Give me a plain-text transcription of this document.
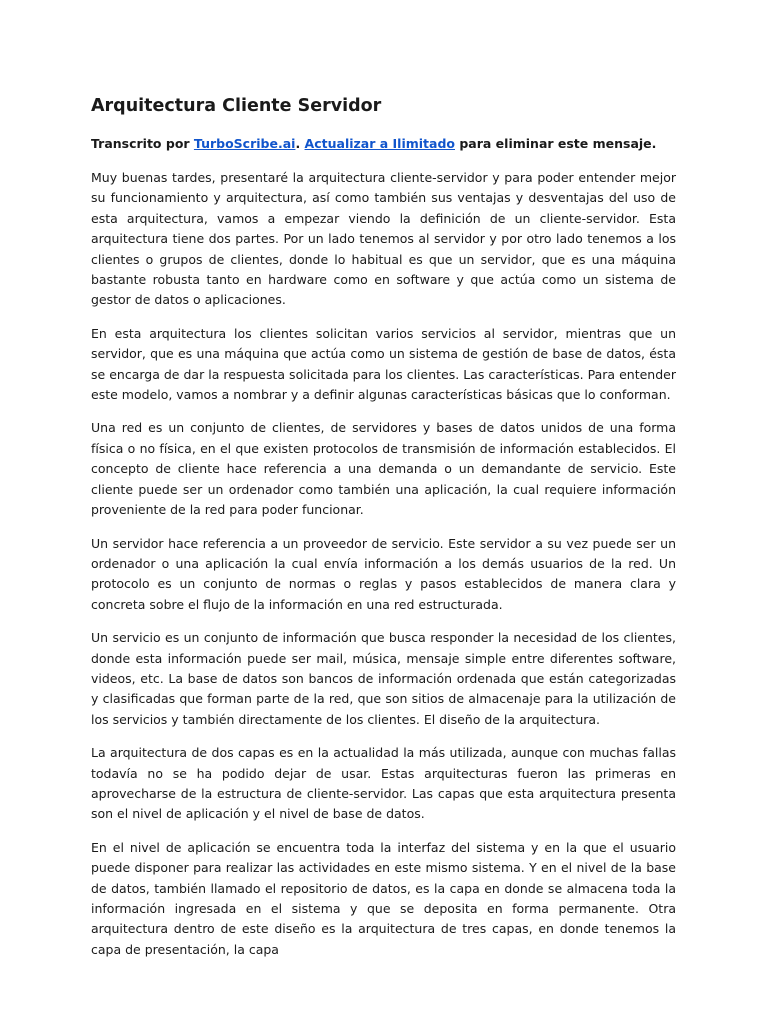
Arquitectura Cliente Servidor

Transcrito por TurboScribe.ai. Actualizar a Ilimitado para eliminar este mensaje.

Muy buenas tardes, presentaré la arquitectura cliente-servidor y para poder entender mejor su funcionamiento y arquitectura, así como también sus ventajas y desventajas del uso de esta arquitectura, vamos a empezar viendo la definición de un cliente-servidor. Esta arquitectura tiene dos partes. Por un lado tenemos al servidor y por otro lado tenemos a los clientes o grupos de clientes, donde lo habitual es que un servidor, que es una máquina bastante robusta tanto en hardware como en software y que actúa como un sistema de gestor de datos o aplicaciones.

En esta arquitectura los clientes solicitan varios servicios al servidor, mientras que un servidor, que es una máquina que actúa como un sistema de gestión de base de datos, ésta se encarga de dar la respuesta solicitada para los clientes. Las características. Para entender este modelo, vamos a nombrar y a definir algunas características básicas que lo conforman.

Una red es un conjunto de clientes, de servidores y bases de datos unidos de una forma física o no física, en el que existen protocolos de transmisión de información establecidos. El concepto de cliente hace referencia a una demanda o un demandante de servicio. Este cliente puede ser un ordenador como también una aplicación, la cual requiere información proveniente de la red para poder funcionar.

Un servidor hace referencia a un proveedor de servicio. Este servidor a su vez puede ser un ordenador o una aplicación la cual envía información a los demás usuarios de la red. Un protocolo es un conjunto de normas o reglas y pasos establecidos de manera clara y concreta sobre el flujo de la información en una red estructurada.

Un servicio es un conjunto de información que busca responder la necesidad de los clientes, donde esta información puede ser mail, música, mensaje simple entre diferentes software, videos, etc. La base de datos son bancos de información ordenada que están categorizadas y clasificadas que forman parte de la red, que son sitios de almacenaje para la utilización de los servicios y también directamente de los clientes. El diseño de la arquitectura.

La arquitectura de dos capas es en la actualidad la más utilizada, aunque con muchas fallas todavía no se ha podido dejar de usar. Estas arquitecturas fueron las primeras en aprovecharse de la estructura de cliente-servidor. Las capas que esta arquitectura presenta son el nivel de aplicación y el nivel de base de datos.

En el nivel de aplicación se encuentra toda la interfaz del sistema y en la que el usuario puede disponer para realizar las actividades en este mismo sistema. Y en el nivel de la base de datos, también llamado el repositorio de datos, es la capa en donde se almacena toda la información ingresada en el sistema y que se deposita en forma permanente. Otra arquitectura dentro de este diseño es la arquitectura de tres capas, en donde tenemos la capa de presentación, la capa
